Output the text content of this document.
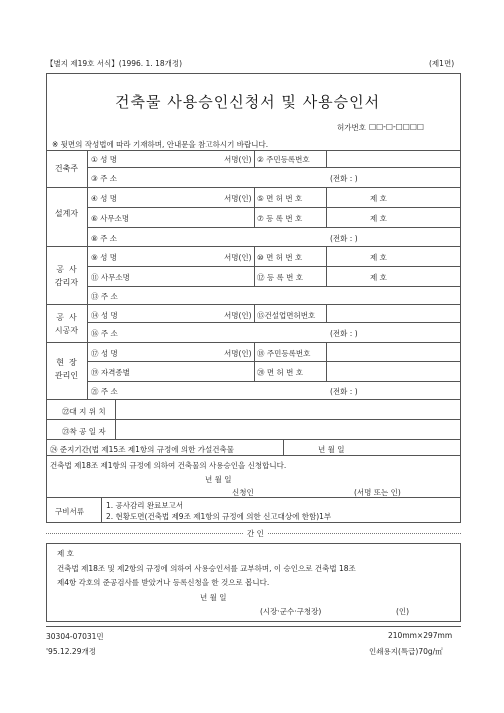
【별지 제19호 서식】(1996. 1. 18개정)	(제1면)
건축물 사용승인신청서 및 사용승인서
허가번호 □□-□-□□□□
※ 뒷면의 작성법에 따라 기재하며, 안내문을 참고하시기 바랍니다.
건축주
① 성 명	서명(인) ② 주민등록번호
③ 주 소	(전화 : )
설계자
④ 성 명	서명(인) ⑤ 면 허 번 호	제 호
⑥ 사무소명	⑦ 등 록 번 호	제 호
⑧ 주 소	(전화 : )
공  사
감리자
⑨ 성 명	서명(인) ⑩ 면 허 번 호	제 호
⑪ 사무소명	⑫ 등 록 번 호	제 호
⑬ 주 소
공  사
시공자
⑭ 성 명	서명(인) ⑮건설업면허번호
⑯ 주 소	(전화 : )
현  장
관리인
⑰ 성 명	서명(인) ⑱ 주민등록번호
⑲ 자격종별	⑳ 면 허 번 호
㉑ 주 소	(전화 : )
㉒대 지 위 치
㉓착 공 일 자
㉔ 준지기간(법 제15조 제1항의 규정에 의한 가설건축물	년 월 일
건축법 제18조 제1항의 규정에 의하여 건축물의 사용승인을 신청합니다.
년 월 일
신청인	(서명 또는 인)
구비서류
1. 공사감리 완료보고서
2. 현황도면(건축법 제9조 제1항의 규정에 의한 신고대상에 한함)1부
간 인
제 호
건축법 제18조 및 제2항의 규정에 의하여 사용승인서를 교부하며, 이 승인으로 건축법 18조
제4항 각호의 준공검사를 받았거나 등록신청을 한 것으로 봅니다.
년 월 일
(시장·군수·구청장)	(인)
30304-07031민	210mm×297mm
'95.12.29개정	인쇄용지(특급)70g/㎡
